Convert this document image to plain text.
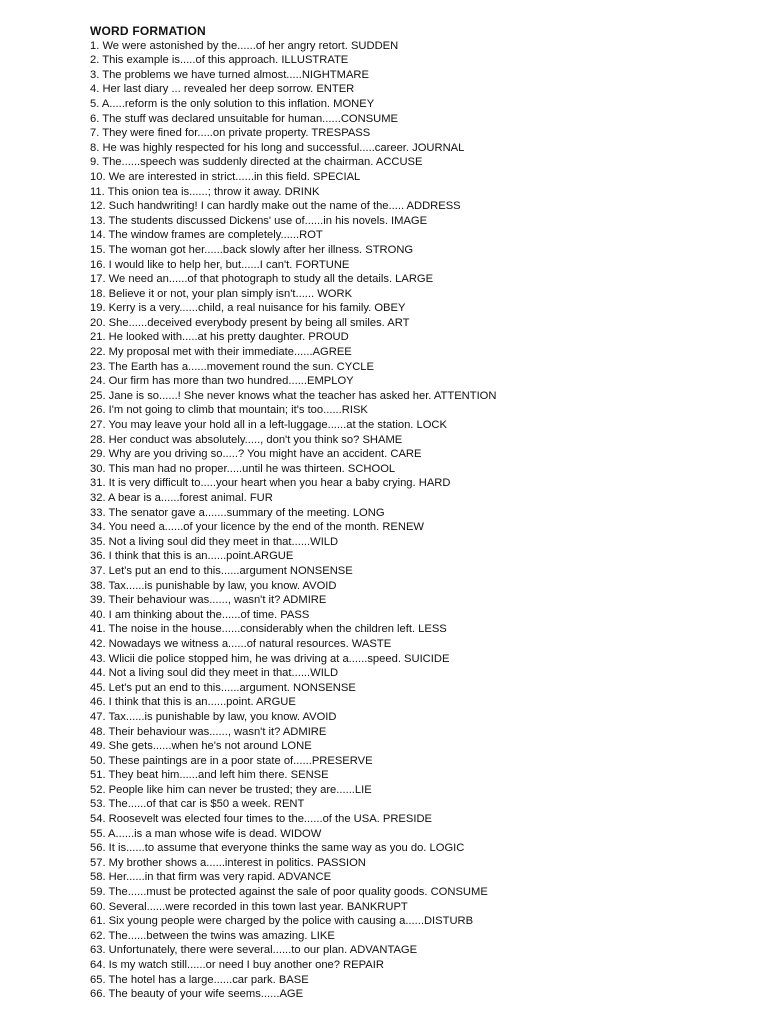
WORD FORMATION
1. We were astonished by the......of her angry retort. SUDDEN
2. This example is.....of this approach. ILLUSTRATE
3. The problems we have turned almost.....NIGHTMARE
4. Her last diary ... revealed her deep sorrow. ENTER
5. A.....reform is the only solution to this inflation. MONEY
6. The stuff was declared unsuitable for human......CONSUME
7. They were fined for.....on private property. TRESPASS
8. He was highly respected for his long and successful.....career. JOURNAL
9. The......speech was suddenly directed at the chairman. ACCUSE
10. We are interested in strict......in this field. SPECIAL
11. This onion tea is......; throw it away. DRINK
12. Such handwriting! I can hardly make out the name of the..... ADDRESS
13. The students discussed Dickens' use of......in his novels. IMAGE
14. The window frames are completely......ROT
15. The woman got her......back slowly after her illness. STRONG
16. I would like to help her, but......I can't. FORTUNE
17. We need an......of that photograph to study all the details. LARGE
18. Believe it or not, your plan simply isn't...... WORK
19. Kerry is a very......child, a real nuisance for his family. OBEY
20. She......deceived everybody present by being all smiles. ART
21. He looked with.....at his pretty daughter. PROUD
22. My proposal met with their immediate......AGREE
23. The Earth has a......movement round the sun. CYCLE
24. Our firm has more than two hundred......EMPLOY
25. Jane is so......! She never knows what the teacher has asked her. ATTENTION
26. I'm not going to climb that mountain; it's too......RISK
27. You may leave your hold all in a left-luggage......at the station. LOCK
28. Her conduct was absolutely....., don't you think so? SHAME
29. Why are you driving so.....? You might have an accident. CARE
30. This man had no proper.....until he was thirteen. SCHOOL
31. It is very difficult to.....your heart when you hear a baby crying. HARD
32. A bear is a......forest animal. FUR
33. The senator gave a.......summary of the meeting. LONG
34. You need a......of your licence by the end of the month. RENEW
35. Not a living soul did they meet in that......WILD
36. I think that this is an......point.ARGUE
37. Let's put an end to this......argument NONSENSE
38. Tax......is punishable by law, you know. AVOID
39. Their behaviour was......, wasn't it? ADMIRE
40. I am thinking about the......of time. PASS
41. The noise in the house......considerably when the children left. LESS
42. Nowadays we witness a......of natural resources. WASTE
43. Wlicii die police stopped him, he was driving at a......speed. SUICIDE
44. Not a living soul did they meet in that......WILD
45. Let's put an end to this......argument. NONSENSE
46. I think that this is an......point. ARGUE
47. Tax......is punishable by law, you know. AVOID
48. Their behaviour was......, wasn't it? ADMIRE
49. She gets......when he's not around LONE
50. These paintings are in a poor state of......PRESERVE
51. They beat him......and left him there. SENSE
52. People like him can never be trusted; they are......LIE
53. The......of that car is $50 a week. RENT
54. Roosevelt was elected four times to the......of the USA. PRESIDE
55. A......is a man whose wife is dead. WIDOW
56. It is......to assume that everyone thinks the same way as you do. LOGIC
57. My brother shows a......interest in politics. PASSION
58. Her......in that firm was very rapid. ADVANCE
59. The......must be protected against the sale of poor quality goods. CONSUME
60. Several......were recorded in this town last year. BANKRUPT
61. Six young people were charged by the police with causing a......DISTURB
62. The......between the twins was amazing. LIKE
63. Unfortunately, there were several......to our plan. ADVANTAGE
64. Is my watch still......or need I buy another one? REPAIR
65. The hotel has a large......car park. BASE
66. The beauty of your wife seems......AGE
